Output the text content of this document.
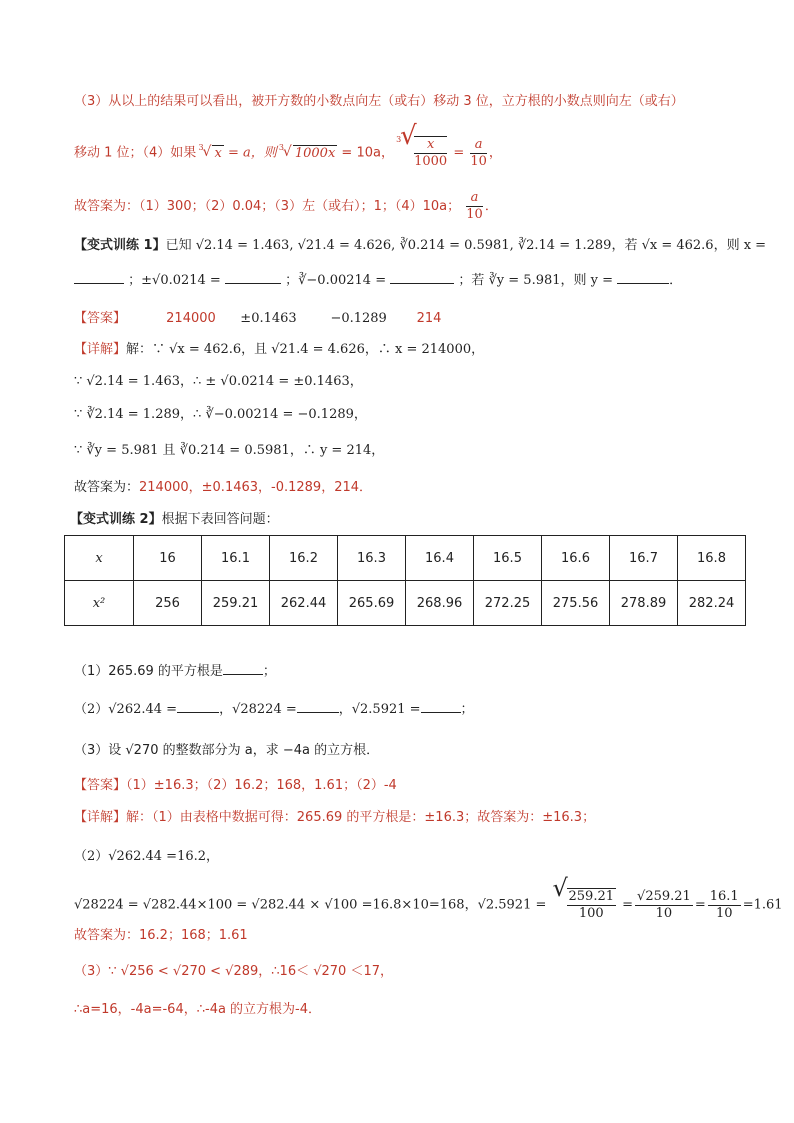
（3）从以上的结果可以看出，被开方数的小数点向左（或右）移动 3 位，立方根的小数点则向左（或右）
移动 1 位；（4）如果
3
√ x = a，则
3
√ 1000x = 10a，
3
√
$\frac{x}{1000} = \frac{a}{10}$ ，
故答案为：（1）300；（2）0.04；（3）左（或右）；1；（4）10a； $\frac{a}{10}$ ．
【变式训练 1】已知 √2.14 = 1.463, √21.4 = 4.626, ∛0.214 = 0.5981, ∛2.14 = 1.289，若 √x = 462.6，则 x =
；±√0.0214 =	；∛−0.00214 =	；若 ∛y = 5.981，则 y =	．
【答案】	214000 ±0.1463	−0.1289 214
【详解】解：∵ √x = 462.6，且 √21.4 = 4.626，∴ x = 214000，
∵ √2.14 = 1.463，∴ ± √0.0214 = ±0.1463，
∵ ∛2.14 = 1.289，∴ ∛−0.00214 = −0.1289，
∵ ∛y = 5.981 且 ∛0.214 = 0.5981，∴ y = 214，
故答案为：214000，±0.1463，-0.1289，214．
【变式训练 2】根据下表回答问题：
x	16	16.1	16.2	16.3	16.4	16.5	16.6	16.7	16.8
x²	256	259.21	262.44	265.69	268.96	272.25	275.56	278.89	282.24
（1）265.69 的平方根是	；
（2）√262.44 =	，√28224 =	，√2.5921 =	；
（3）设 √270 的整数部分为 a，求 −4a 的立方根．
【答案】（1）±16.3；（2）16.2；168，1.61；（2）-4
【详解】解：（1）由表格中数据可得：265.69 的平方根是：±16.3；故答案为：±16.3；
（2）√262.44 =16.2，
√28224 = √282.44×100 = √282.44 × √100 =16.8×10=168，√2.5921 =
√
$\frac{259.21}{100} = \frac{√259.21}{10} = \frac{16.1}{10} =1.61$
故答案为：16.2；168；1.61
（3）∵ √256 < √270 < √289，∴16＜ √270 ＜17，
∴a=16，-4a=-64，∴-4a 的立方根为-4．
